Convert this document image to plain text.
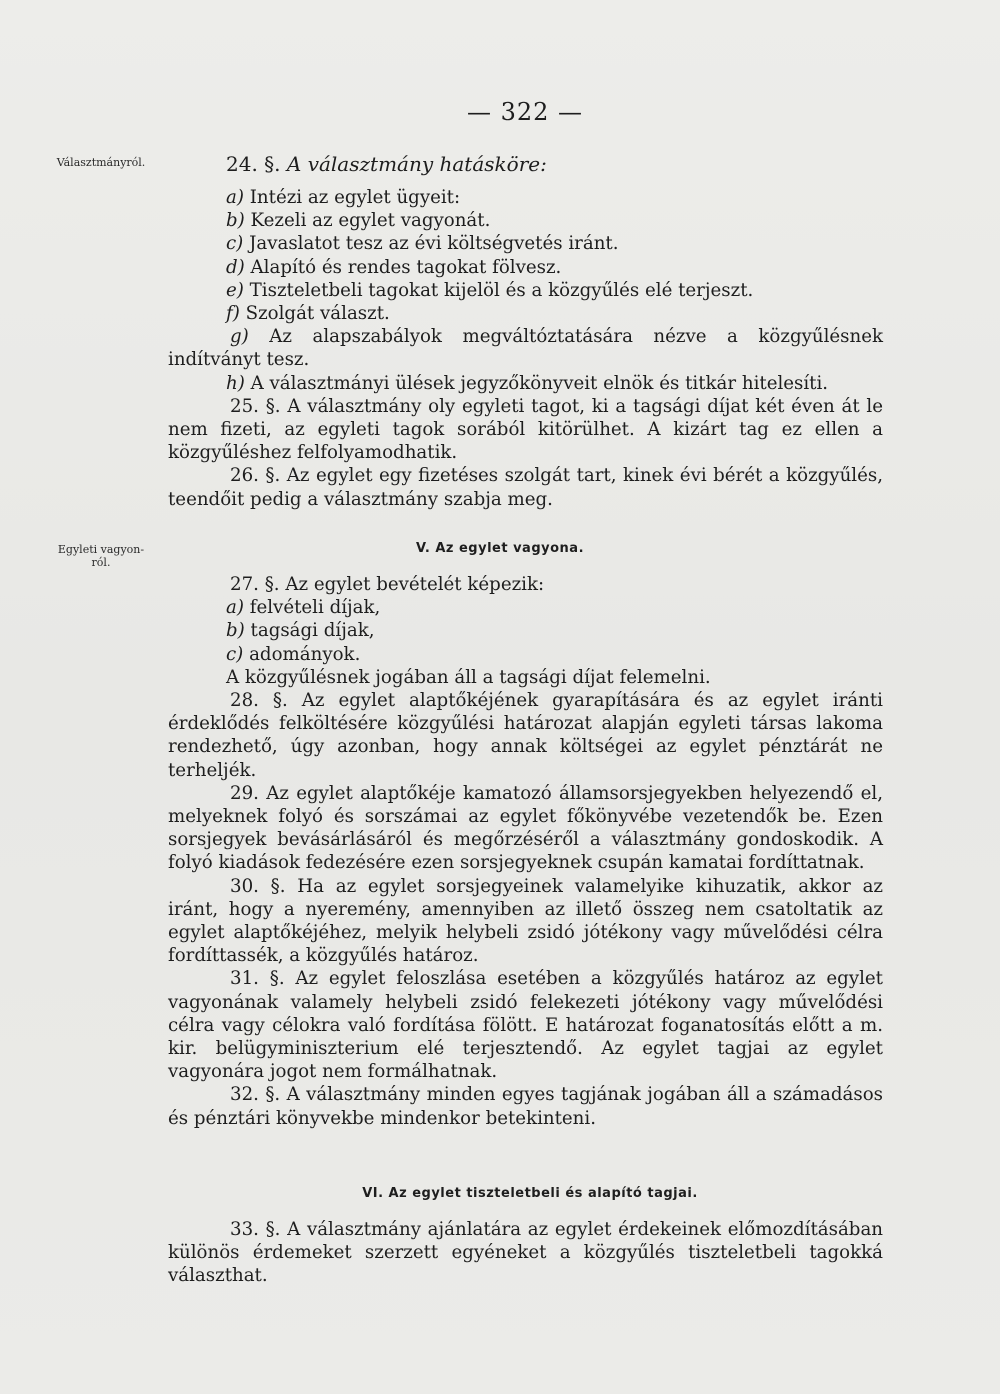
— 322 —
Választmányról.
Egyleti vagyon-
ról.
24. §. A választmány hatásköre:

a) Intézi az egylet ügyeit:

b) Kezeli az egylet vagyonát.

c) Javaslatot tesz az évi költségvetés iránt.

d) Alapító és rendes tagokat fölvesz.

e) Tiszteletbeli tagokat kijelöl és a közgyűlés elé terjeszt.

f) Szolgát választ.

g) Az alapszabályok megváltóztatására nézve a közgyűlésnek indítványt tesz.

h) A választmányi ülések jegyzőkönyveit elnök és titkár hitelesíti.

25. §. A választmány oly egyleti tagot, ki a tagsági díjat két éven át le nem fizeti, az egyleti tagok sorából kitörülhet. A kizárt tag ez ellen a közgyűléshez felfolyamodhatik.

26. §. Az egylet egy fizetéses szolgát tart, kinek évi bérét a közgyűlés, teendőit pedig a választmány szabja meg.

V. Az egylet vagyona.

27. §. Az egylet bevételét képezik:

a) felvételi díjak,

b) tagsági díjak,

c) adományok.

A közgyűlésnek jogában áll a tagsági díjat felemelni.

28. §. Az egylet alaptőkéjének gyarapítására és az egylet iránti érdeklődés felköltésére közgyűlési határozat alapján egyleti társas lakoma rendezhető, úgy azonban, hogy annak költségei az egylet pénztárát ne terheljék.

29. Az egylet alaptőkéje kamatozó államsorsjegyekben helyezendő el, melyeknek folyó és sorszámai az egylet főkönyvébe vezetendők be. Ezen sorsjegyek bevásárlásáról és megőrzéséről a választmány gondoskodik. A folyó kiadások fedezésére ezen sorsjegyeknek csupán kamatai fordíttatnak.

30. §. Ha az egylet sorsjegyeinek valamelyike kihuzatik, akkor az iránt, hogy a nyeremény, amennyiben az illető összeg nem csatoltatik az egylet alaptőkéjéhez, melyik helybeli zsidó jótékony vagy művelődési célra fordíttassék, a közgyűlés határoz.

31. §. Az egylet feloszlása esetében a közgyűlés határoz az egylet vagyonának valamely helybeli zsidó felekezeti jótékony vagy művelődési célra vagy célokra való fordítása fölött. E határozat foganatosítás előtt a m. kir. belügyminiszterium elé terjesztendő. Az egylet tagjai az egylet vagyonára jogot nem formálhatnak.

32. §. A választmány minden egyes tagjának jogában áll a számadásos és pénztári könyvekbe mindenkor betekinteni.

VI. Az egylet tiszteletbeli és alapító tagjai.

33. §. A választmány ajánlatára az egylet érdekeinek előmozdításában különös érdemeket szerzett egyéneket a közgyűlés tiszteletbeli tagokká választhat.
